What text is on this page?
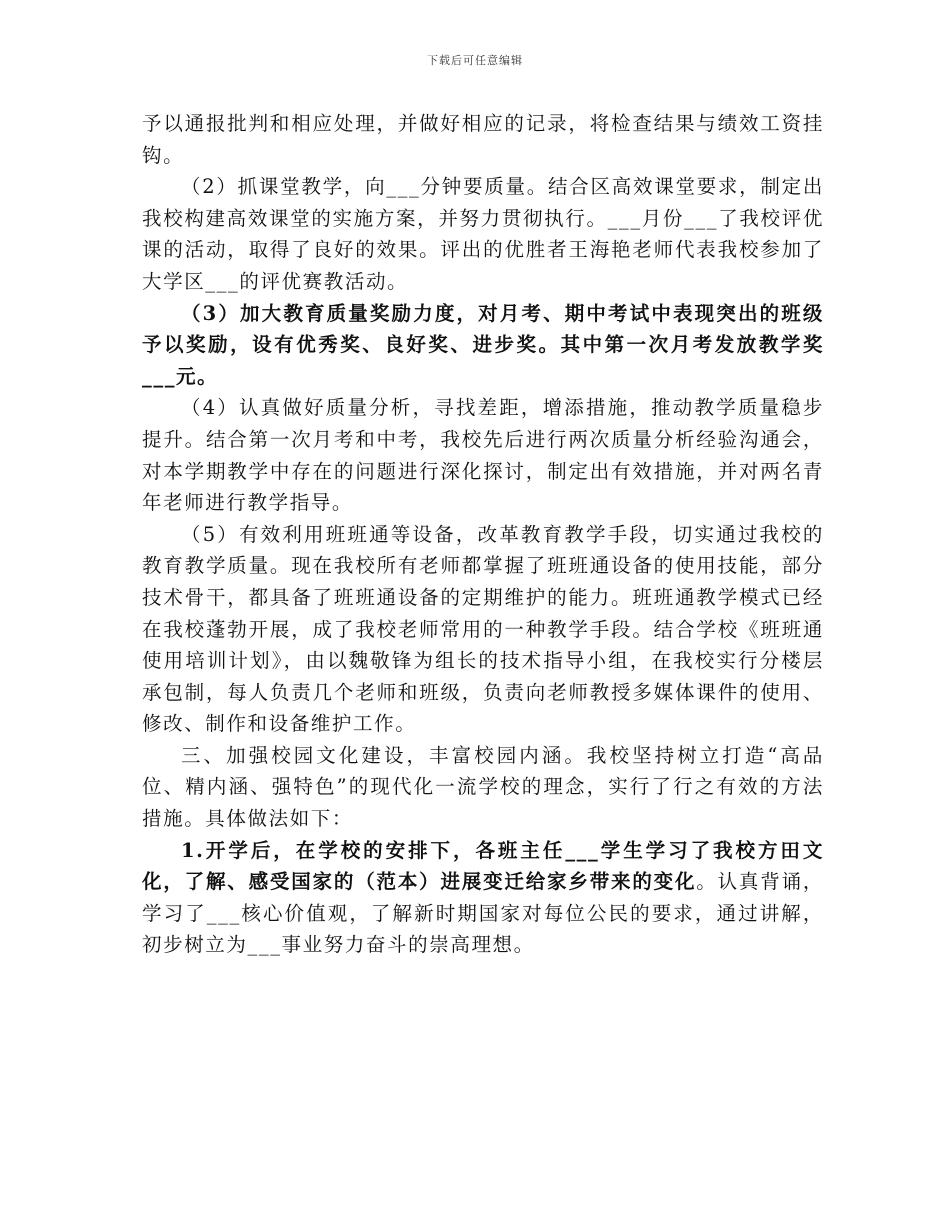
下载后可任意编辑

予以通报批判和相应处理，并做好相应的记录，将检查结果与绩效工资挂钩。

（2）抓课堂教学，向___分钟要质量。结合区高效课堂要求，制定出我校构建高效课堂的实施方案，并努力贯彻执行。___月份___了我校评优课的活动，取得了良好的效果。评出的优胜者王海艳老师代表我校参加了大学区___的评优赛教活动。

（3）加大教育质量奖励力度，对月考、期中考试中表现突出的班级予以奖励，设有优秀奖、良好奖、进步奖。其中第一次月考发放教学奖___元。

（4）认真做好质量分析，寻找差距，增添措施，推动教学质量稳步提升。结合第一次月考和中考，我校先后进行两次质量分析经验沟通会，对本学期教学中存在的问题进行深化探讨，制定出有效措施，并对两名青年老师进行教学指导。

（5）有效利用班班通等设备，改革教育教学手段，切实通过我校的教育教学质量。现在我校所有老师都掌握了班班通设备的使用技能，部分技术骨干，都具备了班班通设备的定期维护的能力。班班通教学模式已经在我校蓬勃开展，成了我校老师常用的一种教学手段。结合学校《班班通使用培训计划》，由以魏敬锋为组长的技术指导小组，在我校实行分楼层承包制，每人负责几个老师和班级，负责向老师教授多媒体课件的使用、修改、制作和设备维护工作。

三、加强校园文化建设，丰富校园内涵。我校坚持树立打造“高品位、精内涵、强特色”的现代化一流学校的理念，实行了行之有效的方法措施。具体做法如下：

1.开学后，在学校的安排下，各班主任___学生学习了我校方田文化，了解、感受国家的（范本）进展变迁给家乡带来的变化。认真背诵，学习了___核心价值观，了解新时期国家对每位公民的要求，通过讲解，初步树立为___事业努力奋斗的崇高理想。
